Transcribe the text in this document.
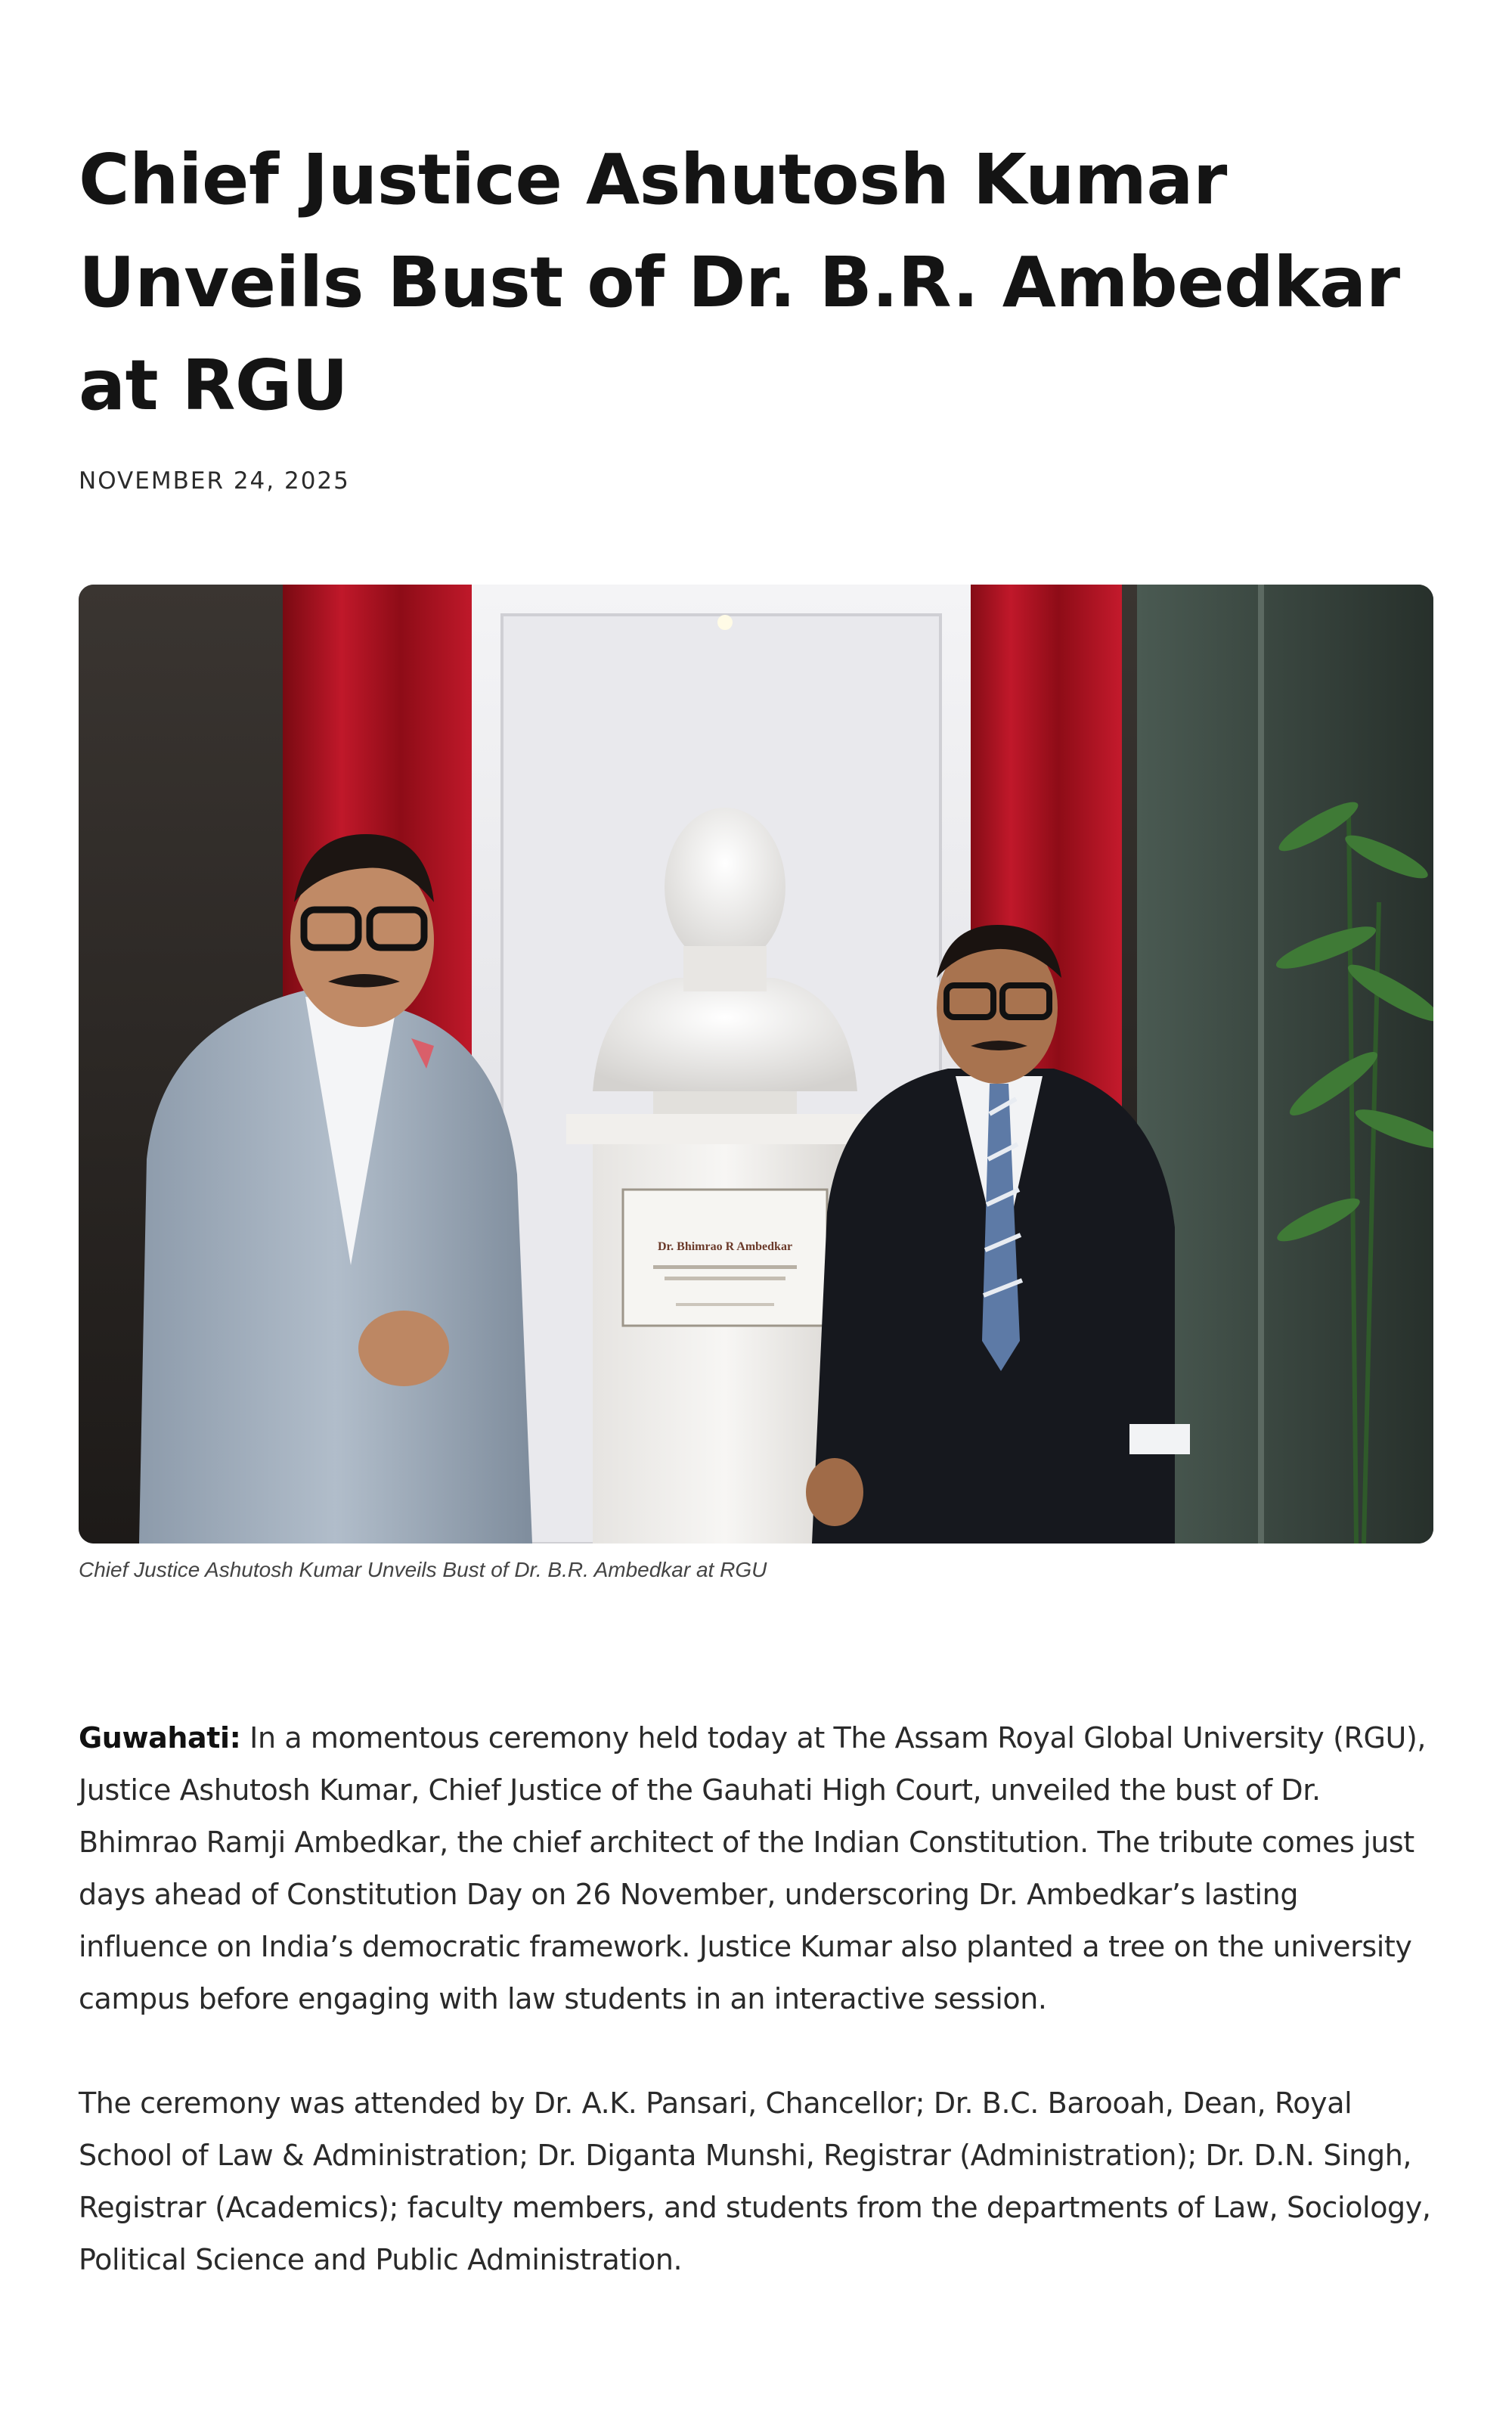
Chief Justice Ashutosh Kumar Unveils Bust of Dr. B.R. Ambedkar at RGU
NOVEMBER 24, 2025
Dr. Bhimrao R Ambedkar
Chief Justice Ashutosh Kumar Unveils Bust of Dr. B.R. Ambedkar at RGU

Guwahati: In a momentous ceremony held today at The Assam Royal Global University (RGU), Justice Ashutosh Kumar, Chief Justice of the Gauhati High Court, unveiled the bust of Dr. Bhimrao Ramji Ambedkar, the chief architect of the Indian Constitution. The tribute comes just days ahead of Constitution Day on 26 November, underscoring Dr. Ambedkar’s lasting influence on India’s democratic framework. Justice Kumar also planted a tree on the university campus before engaging with law students in an interactive session.

The ceremony was attended by Dr. A.K. Pansari, Chancellor; Dr. B.C. Barooah, Dean, Royal School of Law & Administration; Dr. Diganta Munshi, Registrar (Administration); Dr. D.N. Singh, Registrar (Academics); faculty members, and students from the departments of Law, Sociology, Political Science and Public Administration.
